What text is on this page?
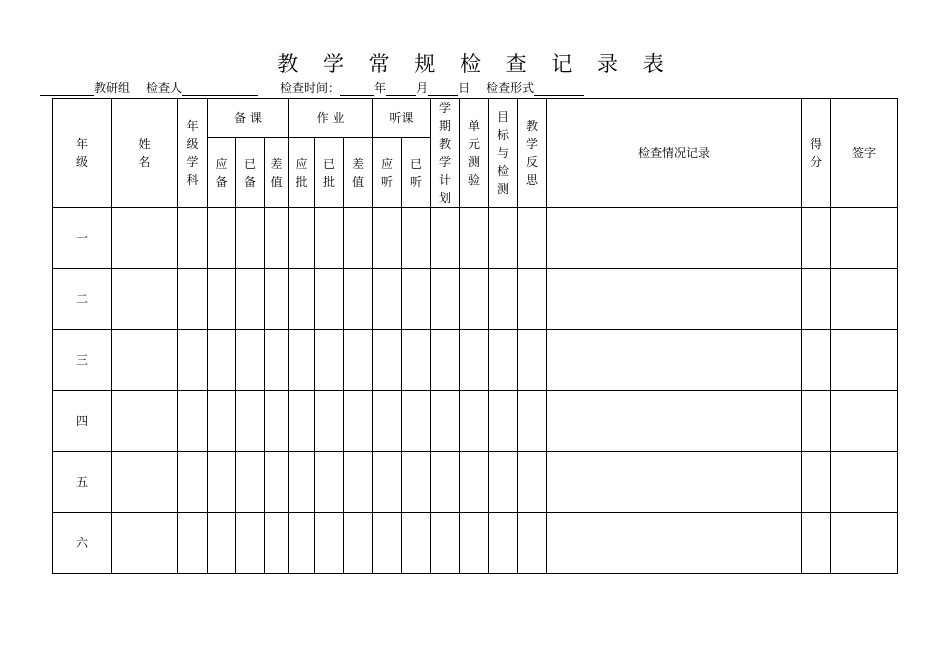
教 学 常 规 检 查 记 录 表
教研组 检查人	检查时间：	年	月	日 检查形式
年级	姓名	年级学科	备 课			作 业			听课		学期教学计划	单元测验	目标与检测	教学反思	检查情况记录	得分	签字
			应备	已备	差值	应批	已批	差值	应听	已听							
一																	
二																	
三																	
四																	
五																	
六																	
